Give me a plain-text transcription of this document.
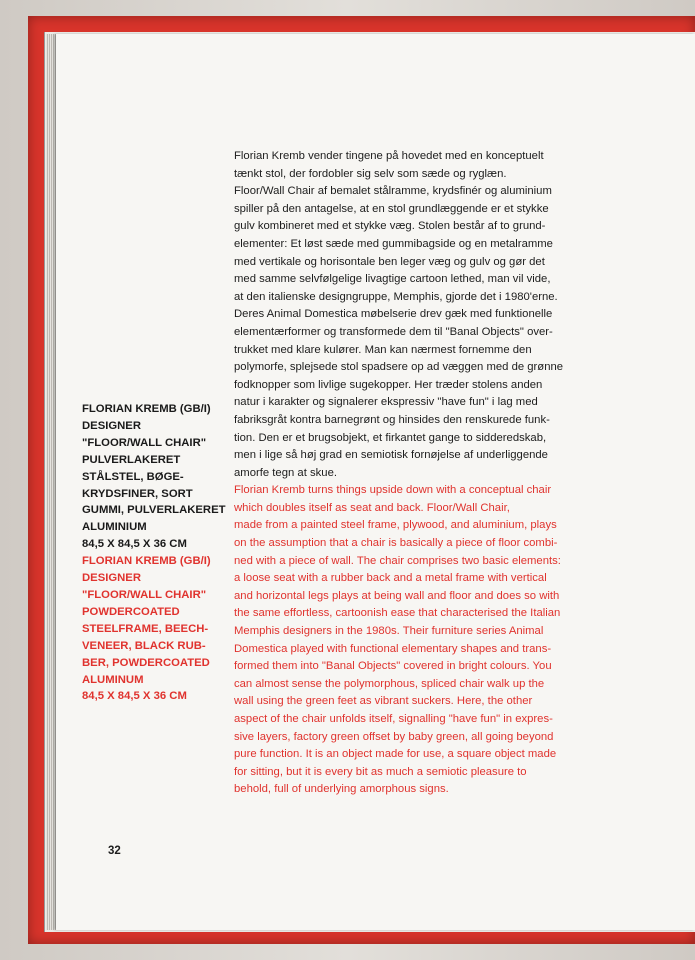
FLORIAN KREMB (GB/I)
DESIGNER
"FLOOR/WALL CHAIR"
PULVERLAKERET
STÅLSTEL, BØGE-
KRYDSFINER, SORT
GUMMI, PULVERLAKERET
ALUMINIUM
84,5 X 84,5 X 36 CM
FLORIAN KREMB (GB/I)
DESIGNER
"FLOOR/WALL CHAIR"
POWDERCOATED
STEELFRAME, BEECH-
VENEER, BLACK RUB-
BER, POWDERCOATED
ALUMINUM
84,5 X 84,5 X 36 CM
Florian Kremb vender tingene på hovedet med en konceptuelt
tænkt stol, der fordobler sig selv som sæde og ryglæn.
Floor/Wall Chair af bemalet stålramme, krydsfinér og aluminium
spiller på den antagelse, at en stol grundlæggende er et stykke
gulv kombineret med et stykke væg. Stolen består af to grund-
elementer: Et løst sæde med gummibagside og en metalramme
med vertikale og horisontale ben leger væg og gulv og gør det
med samme selvfølgelige livagtige cartoon lethed, man vil vide,
at den italienske designgruppe, Memphis, gjorde det i 1980'erne.
Deres Animal Domestica møbelserie drev gæk med funktionelle
elementærformer og transformede dem til "Banal Objects" over-
trukket med klare kulører. Man kan nærmest fornemme den
polymorfe, splejsede stol spadsere op ad væggen med de grønne
fodknopper som livlige sugekopper. Her træder stolens anden
natur i karakter og signalerer ekspressiv "have fun" i lag med
fabriksgråt kontra barnegrønt og hinsides den renskurede funk-
tion. Den er et brugsobjekt, et firkantet gange to sidderedskab,
men i lige så høj grad en semiotisk fornøjelse af underliggende
amorfe tegn at skue.
Florian Kremb turns things upside down with a conceptual chair
which doubles itself as seat and back. Floor/Wall Chair,
made from a painted steel frame, plywood, and aluminium, plays
on the assumption that a chair is basically a piece of floor combi-
ned with a piece of wall. The chair comprises two basic elements:
a loose seat with a rubber back and a metal frame with vertical
and horizontal legs plays at being wall and floor and does so with
the same effortless, cartoonish ease that characterised the Italian
Memphis designers in the 1980s. Their furniture series Animal
Domestica played with functional elementary shapes and trans-
formed them into "Banal Objects" covered in bright colours. You
can almost sense the polymorphous, spliced chair walk up the
wall using the green feet as vibrant suckers. Here, the other
aspect of the chair unfolds itself, signalling "have fun" in expres-
sive layers, factory green offset by baby green, all going beyond
pure function. It is an object made for use, a square object made
for sitting, but it is every bit as much a semiotic pleasure to
behold, full of underlying amorphous signs.
32
